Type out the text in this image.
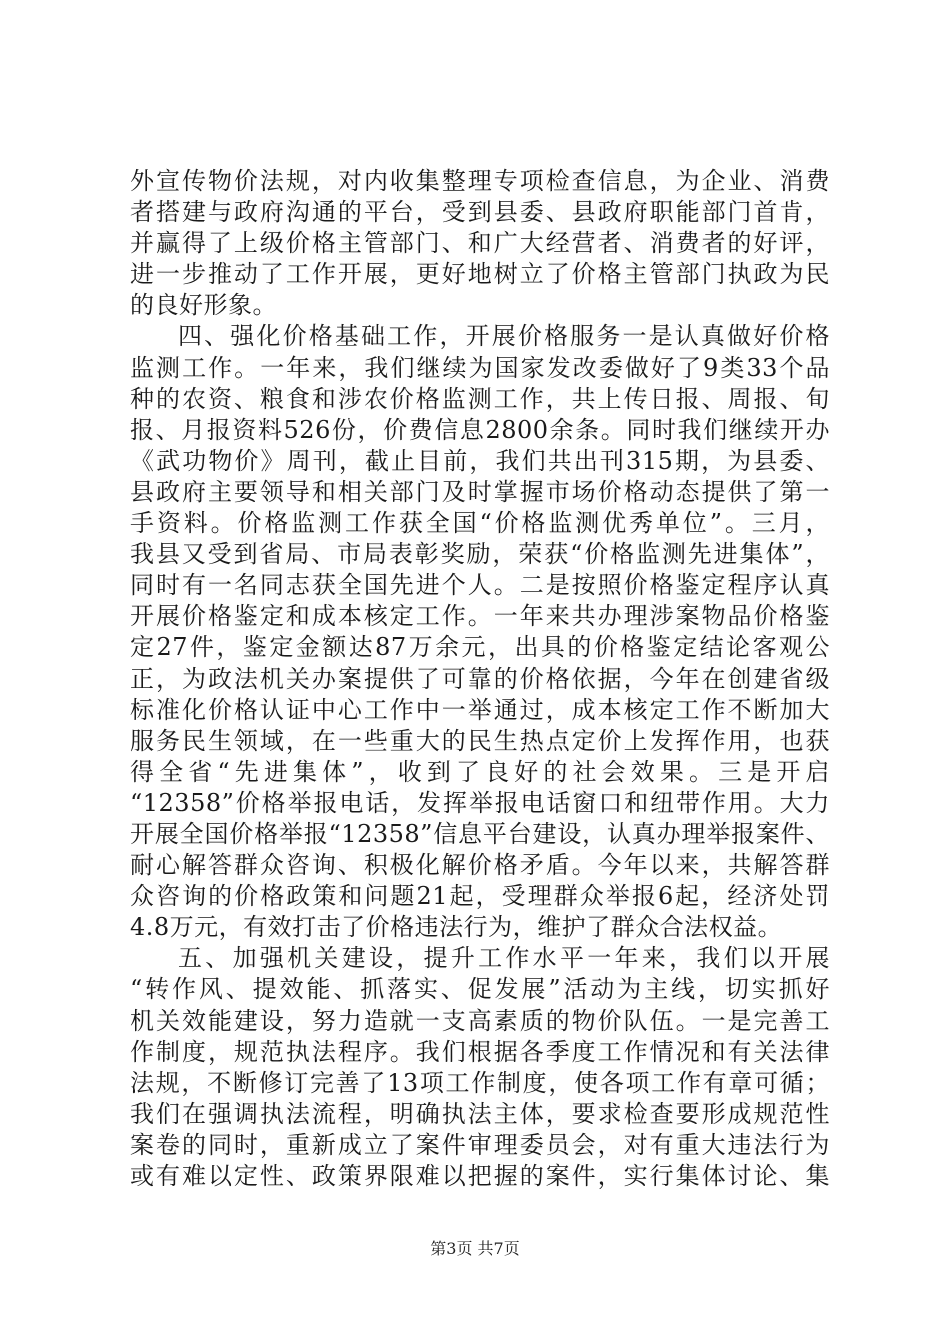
外宣传物价法规，对内收集整理专项检查信息，为企业、消费
者搭建与政府沟通的平台，受到县委、县政府职能部门首肯，
并赢得了上级价格主管部门、和广大经营者、消费者的好评，
进一步推动了工作开展，更好地树立了价格主管部门执政为民
的良好形象。
四、强化价格基础工作，开展价格服务一是认真做好价格
监测工作。一年来，我们继续为国家发改委做好了9类33个品
种的农资、粮食和涉农价格监测工作，共上传日报、周报、旬
报、月报资料526份，价费信息2800余条。同时我们继续开办
《武功物价》周刊，截止目前，我们共出刊315期，为县委、
县政府主要领导和相关部门及时掌握市场价格动态提供了第一
手资料。价格监测工作获全国“价格监测优秀单位”。三月，
我县又受到省局、市局表彰奖励，荣获“价格监测先进集体”，
同时有一名同志获全国先进个人。二是按照价格鉴定程序认真
开展价格鉴定和成本核定工作。一年来共办理涉案物品价格鉴
定27件，鉴定金额达87万余元，出具的价格鉴定结论客观公
正，为政法机关办案提供了可靠的价格依据，今年在创建省级
标准化价格认证中心工作中一举通过，成本核定工作不断加大
服务民生领域，在一些重大的民生热点定价上发挥作用，也获
得全省“先进集体”，收到了良好的社会效果。三是开启
“12358”价格举报电话，发挥举报电话窗口和纽带作用。大力
开展全国价格举报“12358”信息平台建设，认真办理举报案件、
耐心解答群众咨询、积极化解价格矛盾。今年以来，共解答群
众咨询的价格政策和问题21起，受理群众举报6起，经济处罚
4.8万元，有效打击了价格违法行为，维护了群众合法权益。
五、加强机关建设，提升工作水平一年来，我们以开展
“转作风、提效能、抓落实、促发展”活动为主线，切实抓好
机关效能建设，努力造就一支高素质的物价队伍。一是完善工
作制度，规范执法程序。我们根据各季度工作情况和有关法律
法规，不断修订完善了13项工作制度，使各项工作有章可循；
我们在强调执法流程，明确执法主体，要求检查要形成规范性
案卷的同时，重新成立了案件审理委员会，对有重大违法行为
或有难以定性、政策界限难以把握的案件，实行集体讨论、集
第3页 共7页
